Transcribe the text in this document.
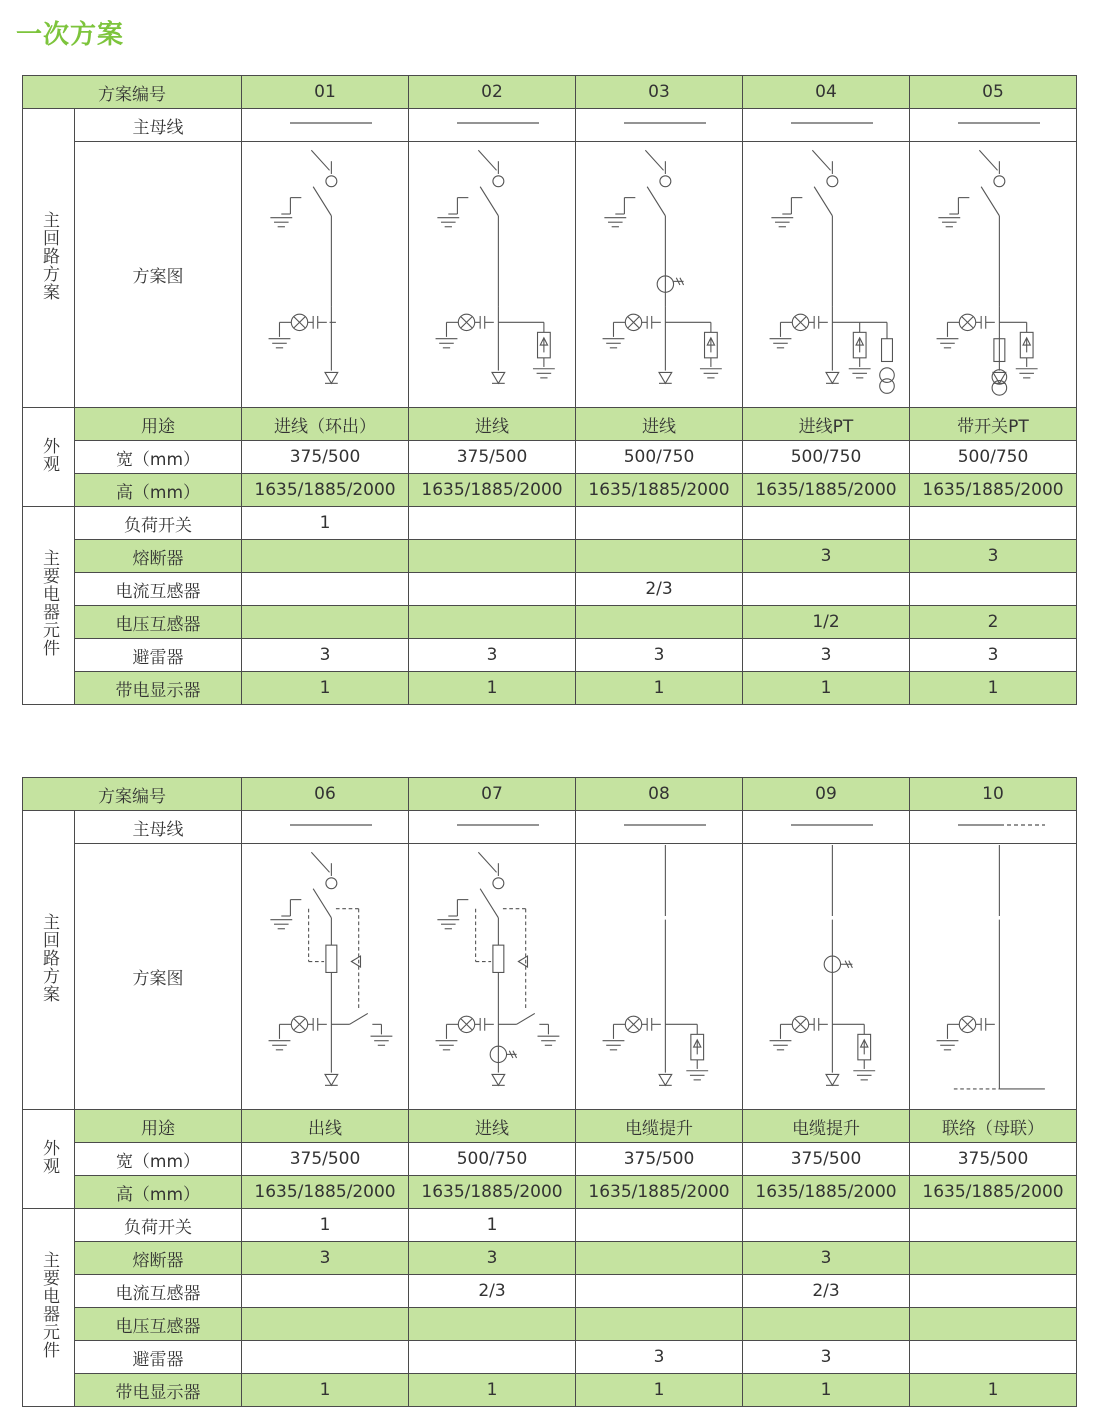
一次方案
方案编号		01	02	03	04	05
主回路方案	主母线	

	方案图	

外观	用途	进线（环出）	进线	进线	进线PT	带开关PT
	宽（mm）	375/500	375/500	500/750	500/750	500/750
	高（mm）	1635/1885/2000	1635/1885/2000	1635/1885/2000	1635/1885/2000	1635/1885/2000
主要电器元件	负荷开关	1				
	熔断器				3	3
	电流互感器			2/3		
	电压互感器				1/2	2
	避雷器	3	3	3	3	3
	带电显示器	1	1	1	1	1
方案编号		06	07	08	09	10
主回路方案	主母线	

	方案图	

外观	用途	出线	进线	电缆提升	电缆提升	联络（母联）
	宽（mm）	375/500	500/750	375/500	375/500	375/500
	高（mm）	1635/1885/2000	1635/1885/2000	1635/1885/2000	1635/1885/2000	1635/1885/2000
主要电器元件	负荷开关	1	1			
	熔断器	3	3		3	
	电流互感器		2/3		2/3	
	电压互感器					
	避雷器			3	3	
	带电显示器	1	1	1	1	1
